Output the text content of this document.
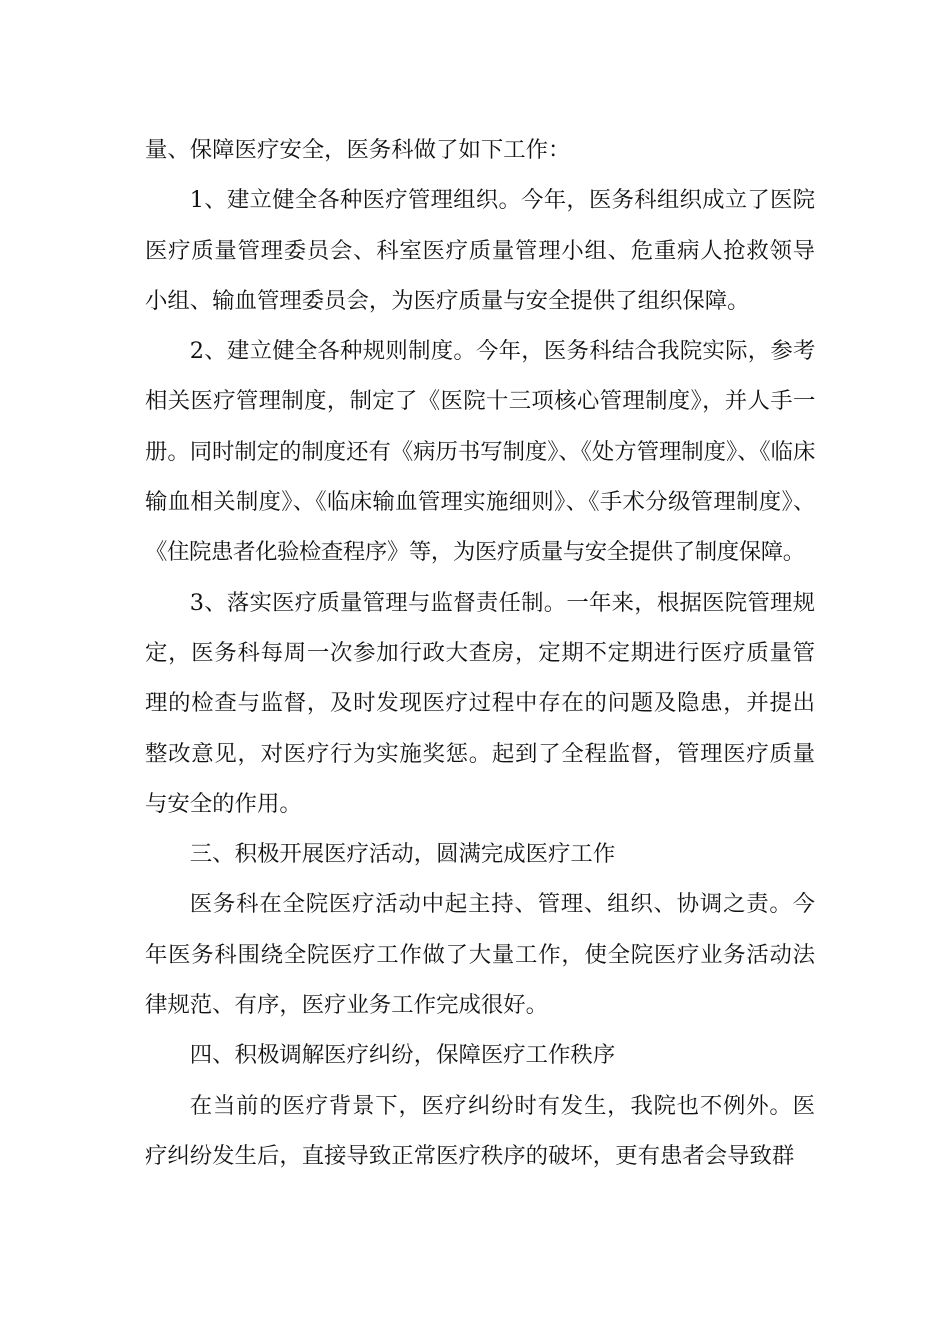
量、保障医疗安全，医务科做了如下工作：

1、建立健全各种医疗管理组织。今年，医务科组织成立了医院医疗质量管理委员会、科室医疗质量管理小组、危重病人抢救领导小组、输血管理委员会，为医疗质量与安全提供了组织保障。

2、建立健全各种规则制度。今年，医务科结合我院实际，参考相关医疗管理制度，制定了《医院十三项核心管理制度》，并人手一册。同时制定的制度还有《病历书写制度》、《处方管理制度》、《临床输血相关制度》、《临床输血管理实施细则》、《手术分级管理制度》、《住院患者化验检查程序》等，为医疗质量与安全提供了制度保障。

3、落实医疗质量管理与监督责任制。一年来，根据医院管理规定，医务科每周一次参加行政大查房，定期不定期进行医疗质量管理的检查与监督，及时发现医疗过程中存在的问题及隐患，并提出整改意见，对医疗行为实施奖惩。起到了全程监督，管理医疗质量与安全的作用。

三、积极开展医疗活动，圆满完成医疗工作

医务科在全院医疗活动中起主持、管理、组织、协调之责。今年医务科围绕全院医疗工作做了大量工作，使全院医疗业务活动法律规范、有序，医疗业务工作完成很好。

四、积极调解医疗纠纷，保障医疗工作秩序

在当前的医疗背景下，医疗纠纷时有发生，我院也不例外。医疗纠纷发生后，直接导致正常医疗秩序的破坏，更有患者会导致群
